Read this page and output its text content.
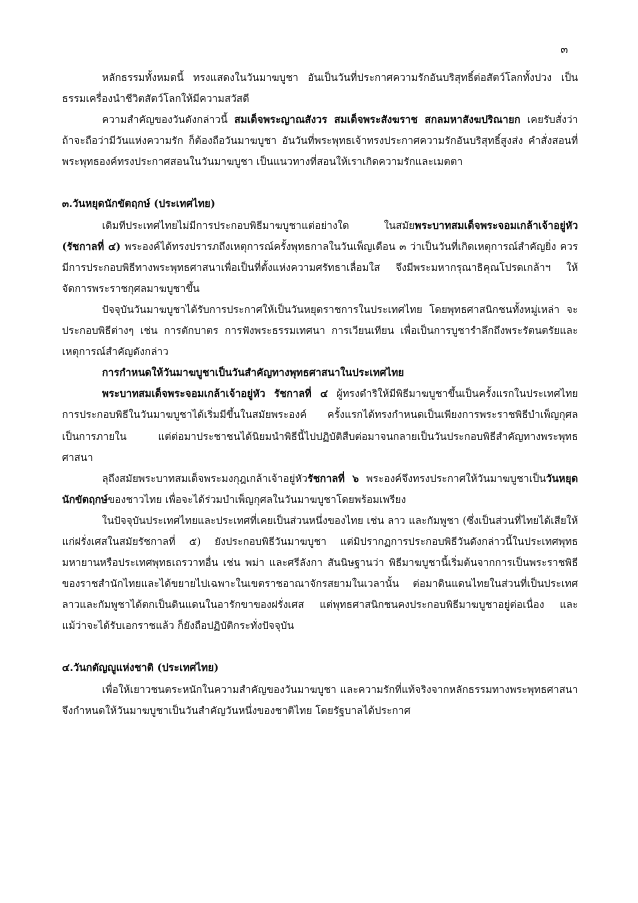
๓

หลักธรรมทั้งหมดนี้ ทรงแสดงในวันมาฆบูชา อันเป็นวันที่ประกาศความรักอันบริสุทธิ์ต่อสัตว์โลกทั้งปวง เป็นธรรมเครื่องนำชีวิตสัตว์โลกให้มีความสวัสดี

ความสำคัญของวันดังกล่าวนี้ สมเด็จพระญาณสังวร สมเด็จพระสังฆราช สกลมหาสังฆปริณายก เคยรับสั่งว่า ถ้าจะถือว่ามีวันแห่งความรัก ก็ต้องถือวันมาฆบูชา อันวันที่พระพุทธเจ้าทรงประกาศความรักอันบริสุทธิ์สูงส่ง คำสั่งสอนที่พระพุทธองค์ทรงประกาศสอนในวันมาฆบูชา เป็นแนวทางที่สอนให้เราเกิดความรักและเมตตา

๓.วันหยุดนักขัตฤกษ์ (ประเทศไทย)

เดิมทีประเทศไทยไม่มีการประกอบพิธีมาฆบูชาแต่อย่างใด ในสมัยพระบาทสมเด็จพระจอมเกล้าเจ้าอยู่หัว (รัชกาลที่ ๔) พระองค์ได้ทรงปรารภถึงเหตุการณ์ครั้งพุทธกาลในวันเพ็ญเดือน ๓ ว่าเป็นวันที่เกิดเหตุการณ์สำคัญยิ่ง ควรมีการประกอบพิธีทางพระพุทธศาสนาเพื่อเป็นที่ตั้งแห่งความศรัทธาเลื่อมใส จึงมีพระมหากรุณาธิคุณโปรดเกล้าฯ ให้จัดการพระราชกุศลมาฆบูชาขึ้น

ปัจจุบันวันมาฆบูชาได้รับการประกาศให้เป็นวันหยุดราชการในประเทศไทย โดยพุทธศาสนิกชนทั้งหมู่เหล่า จะประกอบพิธีต่างๆ เช่น การตักบาตร การฟังพระธรรมเทศนา การเวียนเทียน เพื่อเป็นการบูชารำลึกถึงพระรัตนตรัยและเหตุการณ์สำคัญดังกล่าว

การกำหนดให้วันมาฆบูชาเป็นวันสำคัญทางพุทธศาสนาในประเทศไทย

พระบาทสมเด็จพระจอมเกล้าเจ้าอยู่หัว รัชกาลที่ ๔ ผู้ทรงดำริให้มีพิธีมาฆบูชาขึ้นเป็นครั้งแรกในประเทศไทย การประกอบพิธีในวันมาฆบูชาได้เริ่มมีขึ้นในสมัยพระองค์ ครั้งแรกได้ทรงกำหนดเป็นเพียงการพระราชพิธีบำเพ็ญกุศลเป็นการภายใน แต่ต่อมาประชาชนได้นิยมนำพิธีนี้ไปปฏิบัติสืบต่อมาจนกลายเป็นวันประกอบพิธีสำคัญทางพระพุทธศาสนา

ลุถึงสมัยพระบาทสมเด็จพระมงกุฎเกล้าเจ้าอยู่หัวรัชกาลที่ ๖ พระองค์จึงทรงประกาศให้วันมาฆบูชาเป็นวันหยุดนักขัตฤกษ์ของชาวไทย เพื่อจะได้ร่วมบำเพ็ญกุศลในวันมาฆบูชาโดยพร้อมเพรียง

ในปัจจุบันประเทศไทยและประเทศที่เคยเป็นส่วนหนึ่งของไทย เช่น ลาว และกัมพูชา (ซึ่งเป็นส่วนที่ไทยได้เสียให้แก่ฝรั่งเศสในสมัยรัชกาลที่ ๕) ยังประกอบพิธีวันมาฆบูชา แต่มิปรากฏการประกอบพิธีวันดังกล่าวนี้ในประเทศพุทธมหายานหรือประเทศพุทธเถรวาทอื่น เช่น พม่า และศรีลังกา สันนิษฐานว่า พิธีมาฆบูชานี้เริ่มต้นจากการเป็นพระราชพิธีของราชสำนักไทยและได้ขยายไปเฉพาะในเขตราชอาณาจักรสยามในเวลานั้น ต่อมาดินแดนไทยในส่วนที่เป็นประเทศลาวและกัมพูชาได้ตกเป็นดินแดนในอารักขาของฝรั่งเศส แต่พุทธศาสนิกชนคงประกอบพิธีมาฆบูชาอยู่ต่อเนื่อง และแม้ว่าจะได้รับเอกราชแล้ว ก็ยังถือปฏิบัติกระทั่งปัจจุบัน

๔.วันกตัญญูแห่งชาติ (ประเทศไทย)

เพื่อให้เยาวชนตระหนักในความสำคัญของวันมาฆบูชา และความรักที่แท้จริงจากหลักธรรมทางพระพุทธศาสนา จึงกำหนดให้วันมาฆบูชาเป็นวันสำคัญวันหนึ่งของชาติไทย โดยรัฐบาลได้ประกาศ
